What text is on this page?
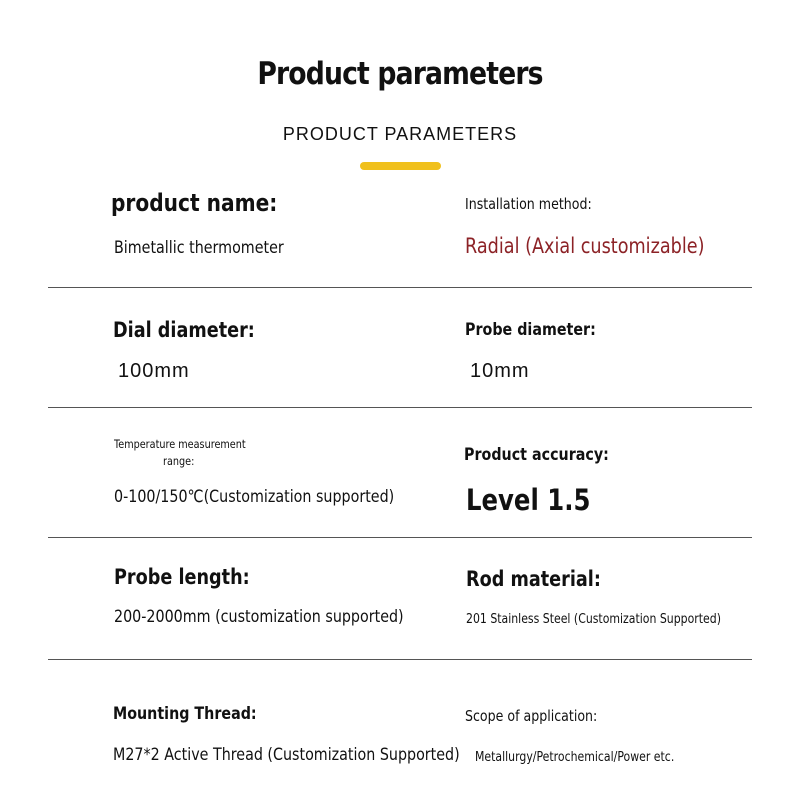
Product parameters
PRODUCT PARAMETERS
product name:
Bimetallic thermometer
Installation method:
Radial (Axial customizable)
Dial diameter:
100mm
Probe diameter:
10mm
Temperature measurement
range:
0-100/150℃(Customization supported)
Product accuracy:
Level 1.5
Probe length:
200-2000mm (customization supported)
Rod material:
201 Stainless Steel (Customization Supported)
Mounting Thread:
M27*2 Active Thread (Customization Supported)
Scope of application:
Metallurgy/Petrochemical/Power etc.
